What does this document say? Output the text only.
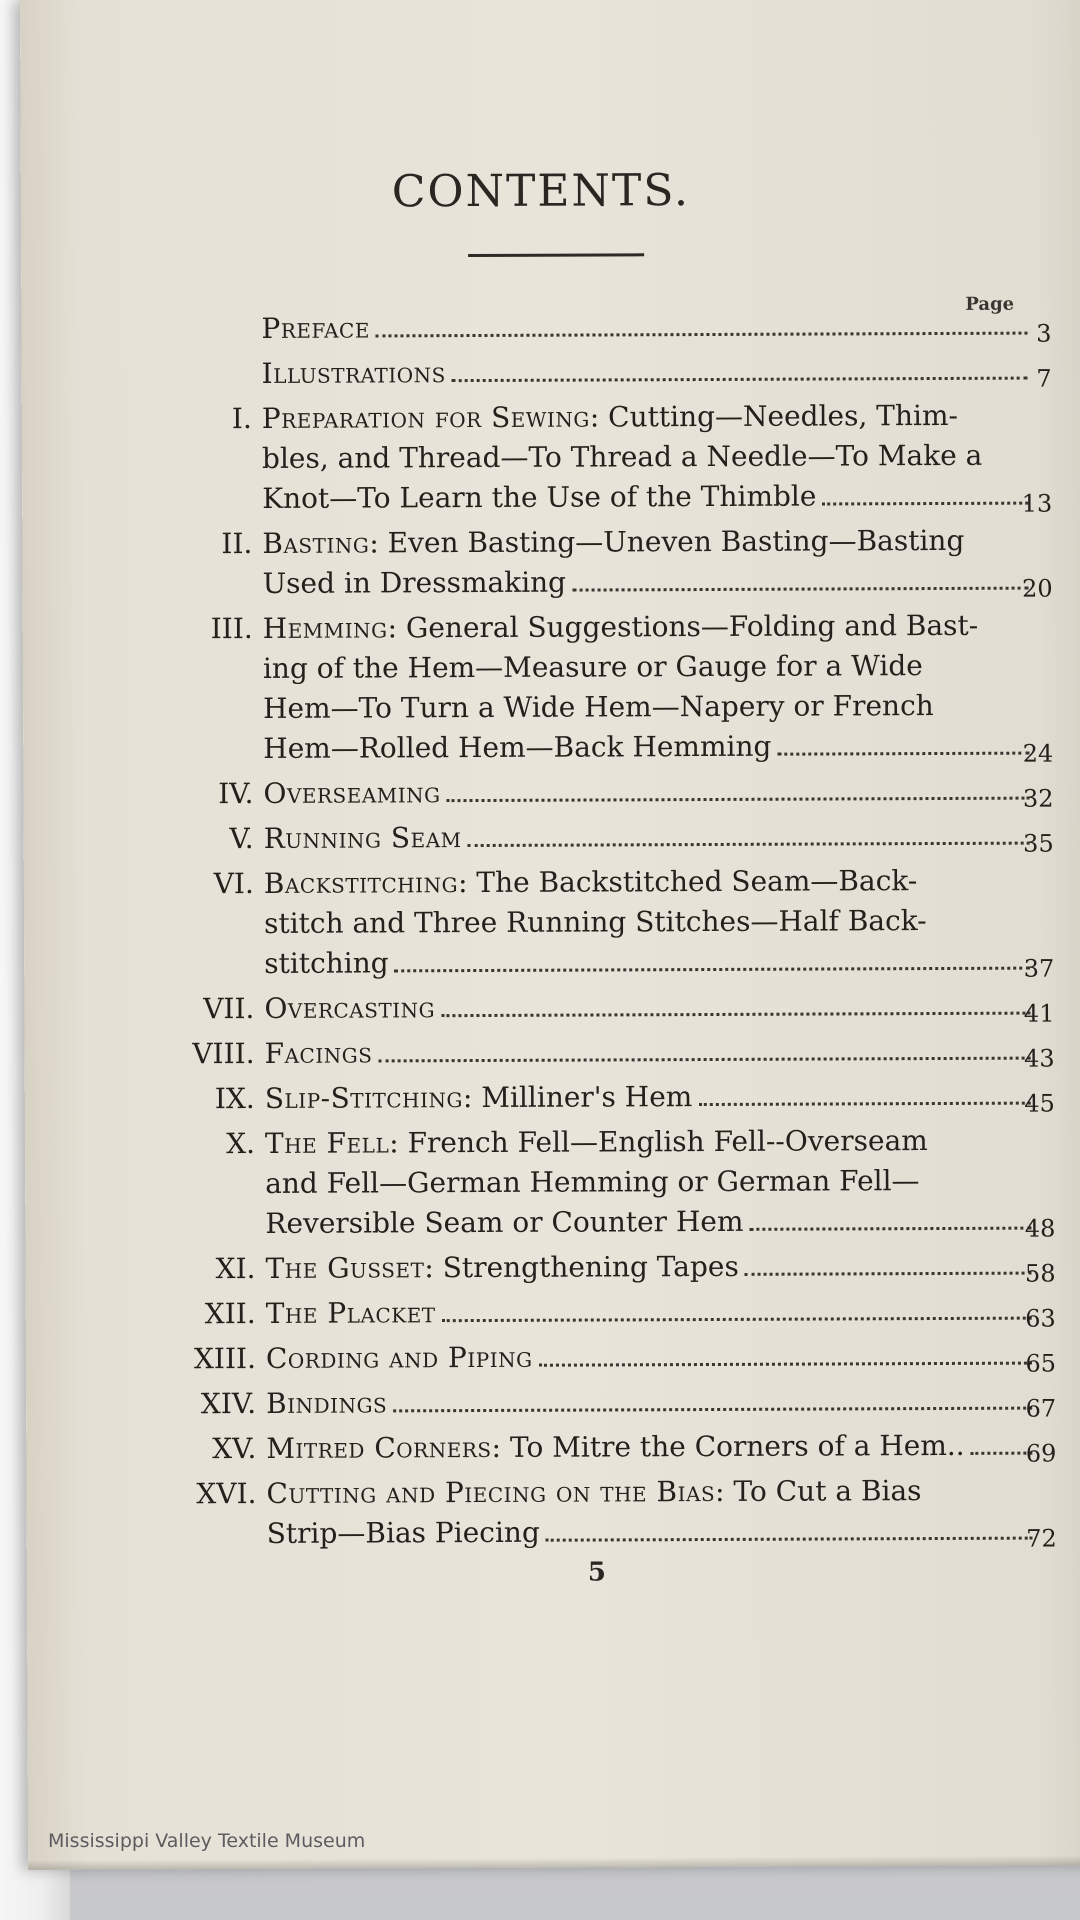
CONTENTS.
Page
Preface	3
Illustrations	7
I. Preparation for Sewing: Cutting—Needles, Thim-
bles, and Thread—To Thread a Needle—To Make a
Knot—To Learn the Use of the Thimble	13
II. Basting: Even Basting—Uneven Basting—Basting
Used in Dressmaking	20
III. Hemming: General Suggestions—Folding and Bast-
ing of the Hem—Measure or Gauge for a Wide
Hem—To Turn a Wide Hem—Napery or French
Hem—Rolled Hem—Back Hemming	24
IV. Overseaming	32
V. Running Seam	35
VI. Backstitching: The Backstitched Seam—Back-
stitch and Three Running Stitches—Half Back-
stitching	37
VII. Overcasting	41
VIII. Facings	43
IX. Slip-Stitching: Milliner's Hem	45
X. The Fell: French Fell—English Fell--Overseam
and Fell—German Hemming or German Fell—
Reversible Seam or Counter Hem	48
XI. The Gusset: Strengthening Tapes	58
XII. The Placket	63
XIII. Cording and Piping	65
XIV. Bindings	67
XV. Mitred Corners: To Mitre the Corners of a Hem..	69
XVI. Cutting and Piecing on the Bias: To Cut a Bias
Strip—Bias Piecing	72
5
Mississippi Valley Textile Museum
